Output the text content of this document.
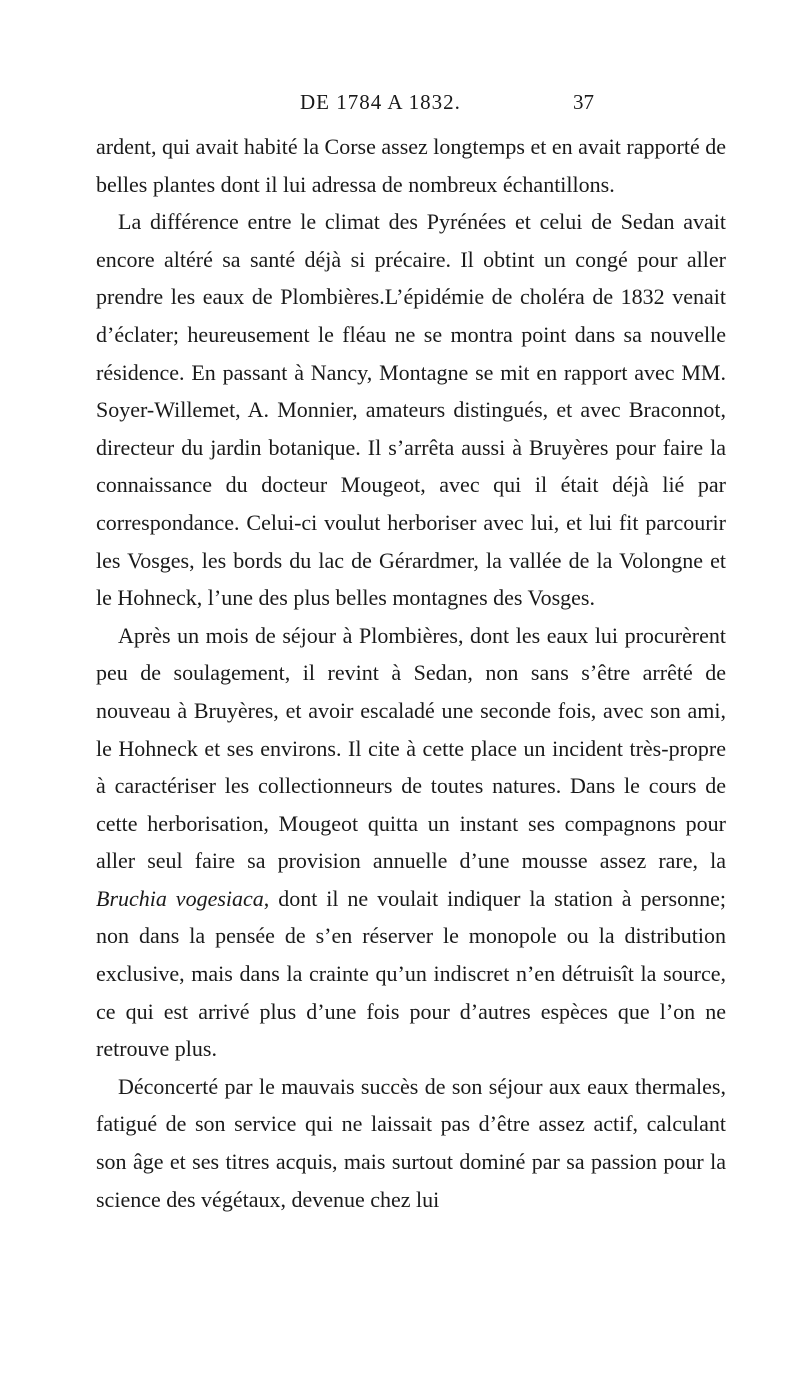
DE 1784 A 1832.	37

ardent, qui avait habité la Corse assez longtemps et en avait rapporté de belles plantes dont il lui adressa de nombreux échantillons.

La différence entre le climat des Pyrénées et celui de Sedan avait encore altéré sa santé déjà si précaire. Il obtint un congé pour aller prendre les eaux de Plombières.L’épidémie de choléra de 1832 venait d’éclater; heureusement le fléau ne se montra point dans sa nouvelle résidence. En passant à Nancy, Montagne se mit en rapport avec MM. Soyer-Willemet, A. Monnier, amateurs distingués, et avec Braconnot, directeur du jardin botanique. Il s’arrêta aussi à Bruyères pour faire la connaissance du docteur Mougeot, avec qui il était déjà lié par correspondance. Celui-ci voulut herboriser avec lui, et lui fit parcourir les Vosges, les bords du lac de Gérardmer, la vallée de la Volongne et le Hohneck, l’une des plus belles montagnes des Vosges.

Après un mois de séjour à Plombières, dont les eaux lui procurèrent peu de soulagement, il revint à Sedan, non sans s’être arrêté de nouveau à Bruyères, et avoir escaladé une seconde fois, avec son ami, le Hohneck et ses environs. Il cite à cette place un incident très-propre à caractériser les collectionneurs de toutes natures. Dans le cours de cette herborisation, Mougeot quitta un instant ses compagnons pour aller seul faire sa provision annuelle d’une mousse assez rare, la Bruchia vogesiaca, dont il ne voulait indiquer la station à personne; non dans la pensée de s’en réserver le monopole ou la distribution exclusive, mais dans la crainte qu’un indiscret n’en détruisît la source, ce qui est arrivé plus d’une fois pour d’autres espèces que l’on ne retrouve plus.

Déconcerté par le mauvais succès de son séjour aux eaux thermales, fatigué de son service qui ne laissait pas d’être assez actif, calculant son âge et ses titres acquis, mais surtout dominé par sa passion pour la science des végétaux, devenue chez lui
